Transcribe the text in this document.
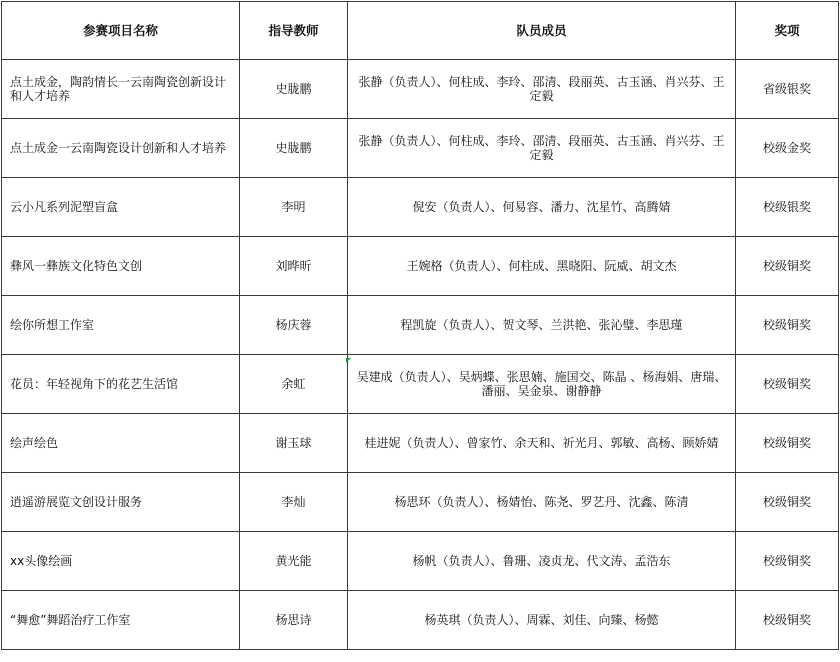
参赛项目名称	指导教师	队员成员	奖项
点土成金，陶韵情长一云南陶瓷创新设计和人才培养	史胧鹏	张静（负责人）、何柱成、李玲、邵清、段丽英、古玉涵、肖兴芬、王定毅	省级银奖
点土成金一云南陶瓷设计创新和人才培养	史胧鹏	张静（负责人）、何柱成、李玲、邵清、段丽英、古玉涵、肖兴芬、王定毅	校级金奖
云小凡系列泥塑盲盒	李明	倪安（负责人）、何易容、潘力、沈星竹、高腾婧	校级银奖
彝风一彝族文化特色文创	刘晔昕	王婉格（负责人）、何柱成、黑晓阳、阮威、胡文杰	校级铜奖
绘你所想工作室	杨庆蓉	程凯旋（负责人）、贺文琴、兰洪艳、张沁璧、李思瑾	校级铜奖
花员：年轻视角下的花艺生活馆	余虹	吴建成（负责人）、吴炳蝶、张思婻、施国交、陈晶 、杨海娟、唐瑞、潘丽、吴金泉、谢静静	校级铜奖
绘声绘色	谢玉球	桂进妮（负责人）、曾家竹、余天和、祈光月、郭敏、高杨、顾娇婧	校级铜奖
逍遥游展览文创设计服务	李灿	杨思环（负责人）、杨婧怡、陈尧、罗艺丹、沈鑫、陈清	校级铜奖
xx头像绘画	黄光能	杨帆（负责人）、鲁珊、凌贞龙、代文涛、孟浩东	校级铜奖
“舞愈”舞蹈治疗工作室	杨思诗	杨英琪（负责人）、周霖、刘佳、向臻、杨懿	校级铜奖
